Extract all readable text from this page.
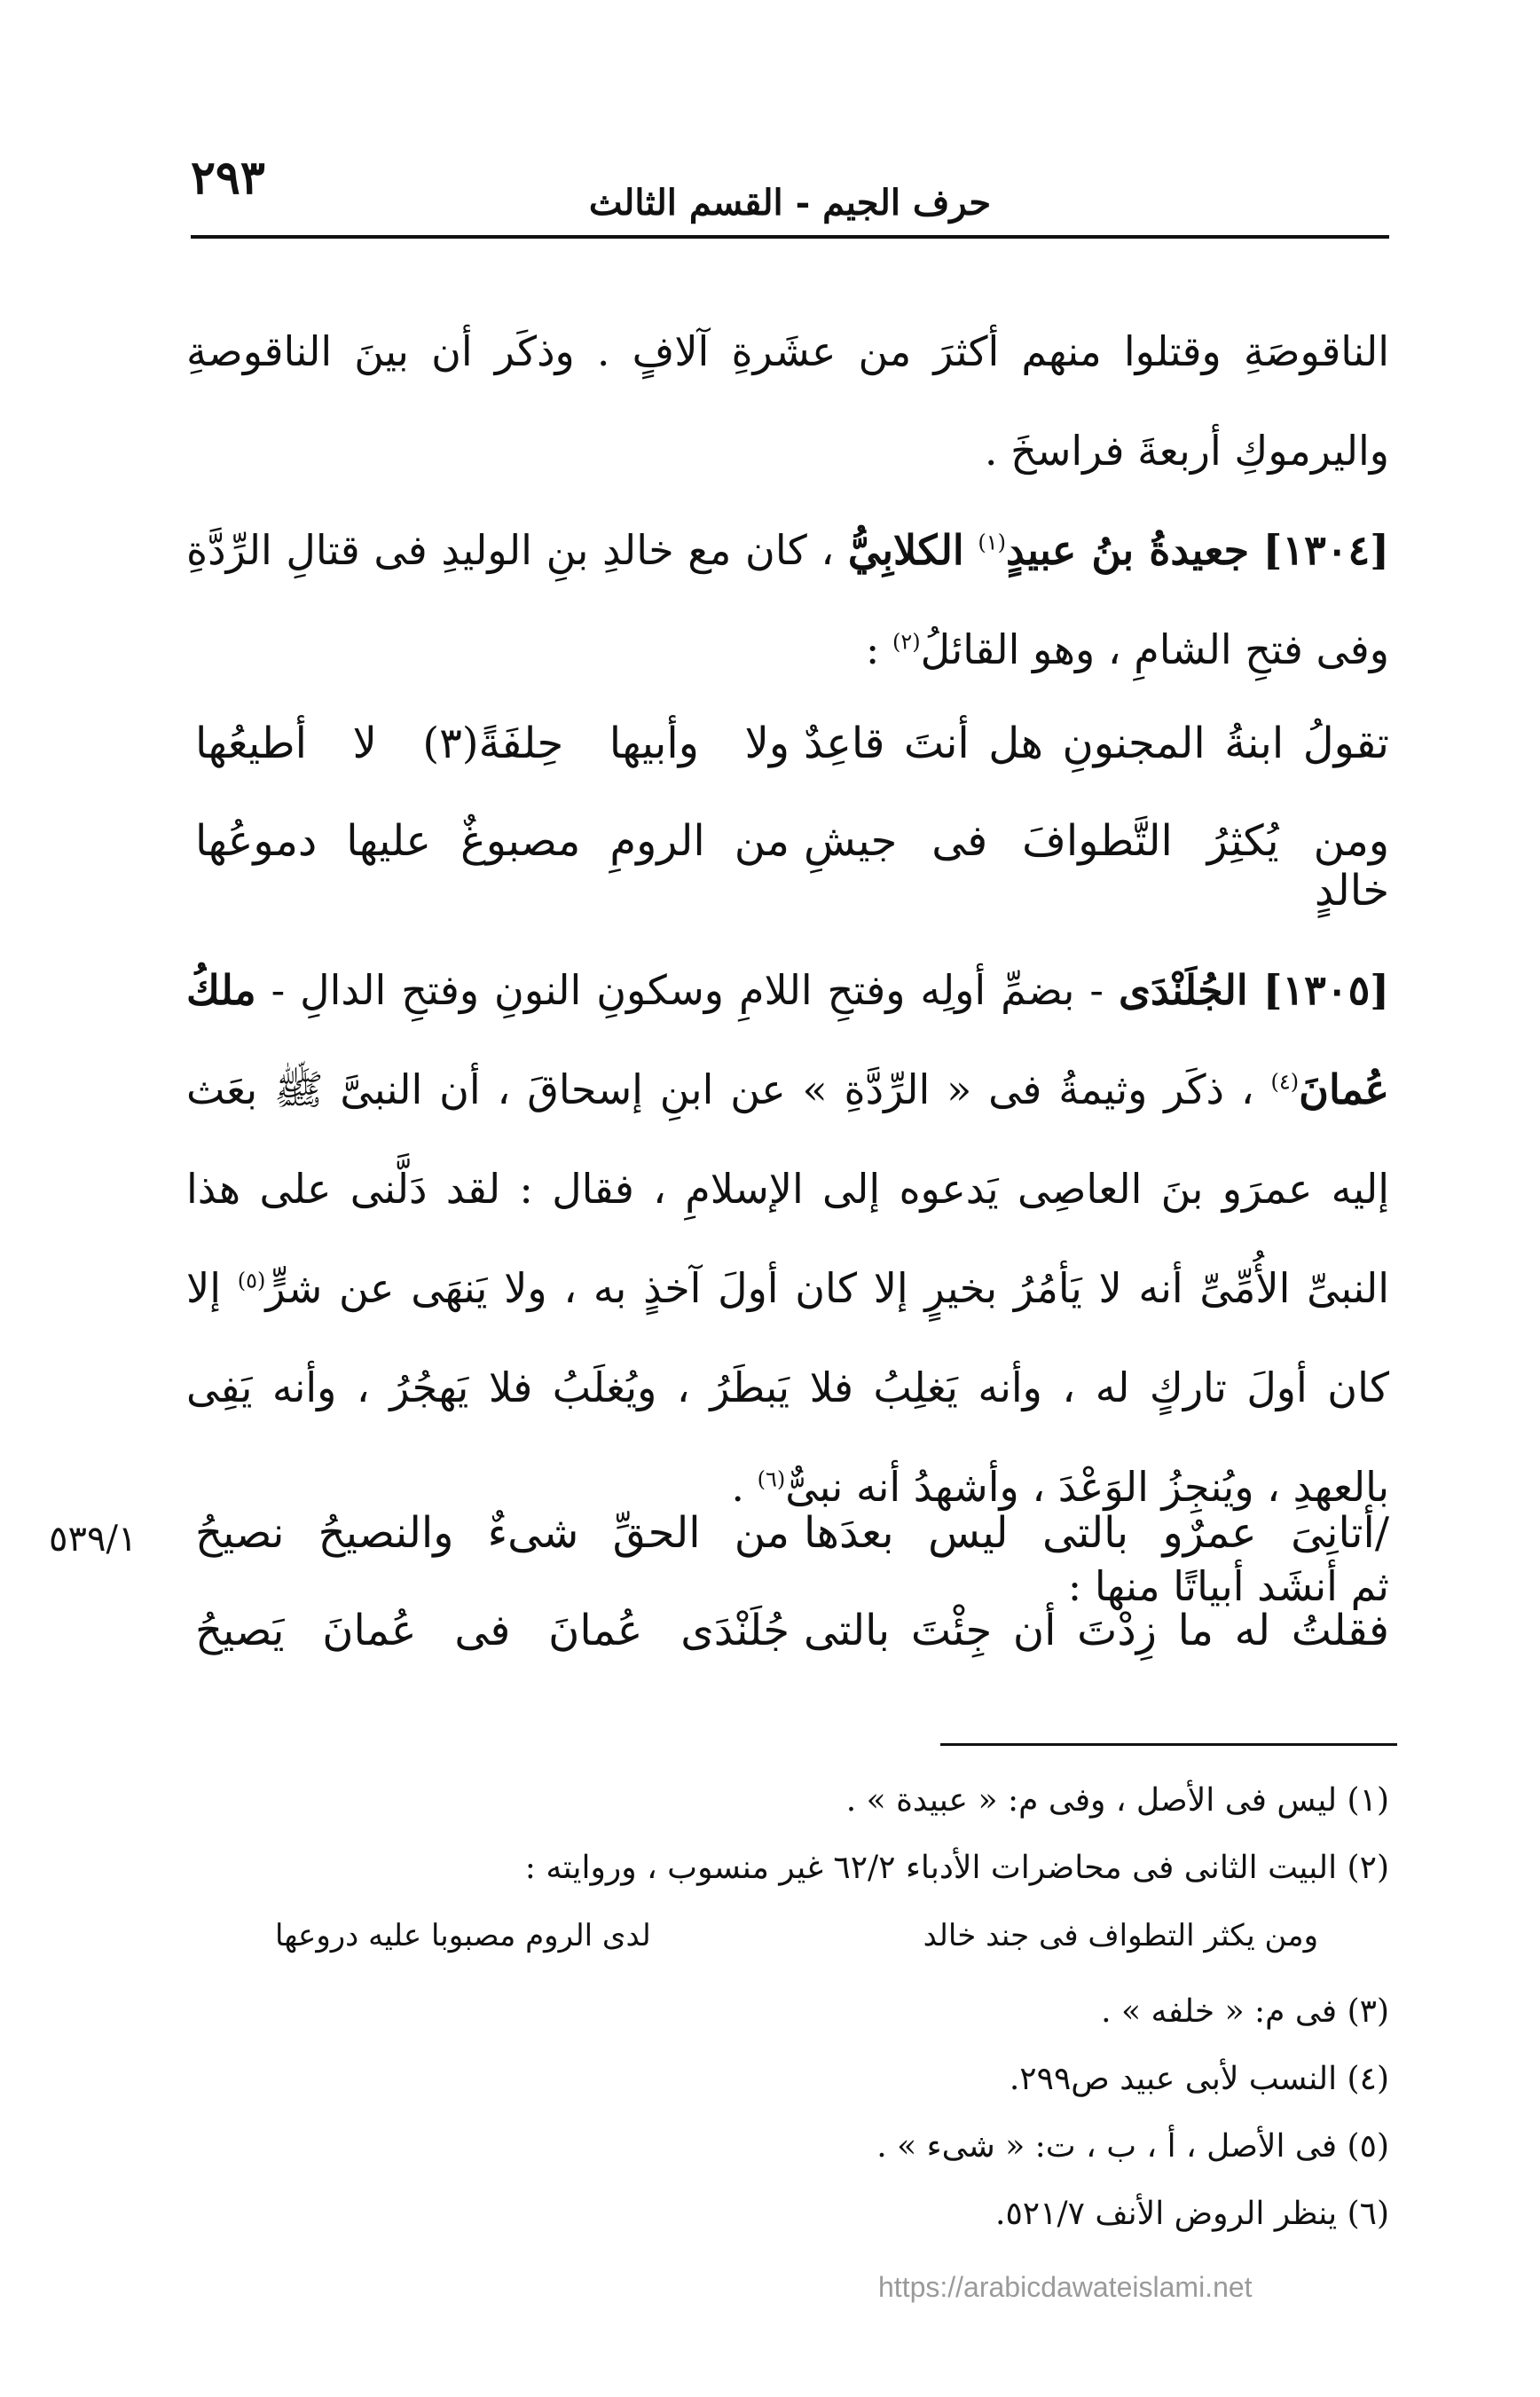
٢٩٣	حرف الجيم - القسم الثالث

الناقوصَةِ وقتلوا منهم أكثرَ من عشَرةِ آلافٍ . وذكَر أن بينَ الناقوصةِ واليرموكِ أربعةَ فراسخَ .

[١٣٠٤] جعيدةُ بنُ عبيدٍ$^{(١)}$ الكلابِيُّ ، كان مع خالدِ بنِ الوليدِ فى قتالِ الرِّدَّةِ وفى فتحِ الشامِ ، وهو القائلُ$^{(٢)}$ :

تقولُ ابنةُ المجنونِ هل أنتَ قاعِدٌ
ولا وأبيها حِلفَةً(٣) لا أطيعُها
ومن يُكثِرُ التَّطوافَ فى جيشِ خالدٍ
من الرومِ مصبوغٌ عليها دموعُها

[١٣٠٥] الجُلَنْدَى - بضمِّ أولِه وفتحِ اللامِ وسكونِ النونِ وفتحِ الدالِ - ملكُ عُمانَ$^{(٤)}$ ، ذكَر وثيمةُ فى « الرِّدَّةِ » عن ابنِ إسحاقَ ، أن النبىَّ ﷺ بعَث إليه عمرَو بنَ العاصِى يَدعوه إلى الإسلامِ ، فقال : لقد دَلَّنى على هذا النبىِّ الأُمِّىِّ أنه لا يَأمُرُ بخيرٍ إلا كان أولَ آخذٍ به ، ولا يَنهَى عن شرٍّ$^{(٥)}$ إلا كان أولَ تاركٍ له ، وأنه يَغلِبُ فلا يَبطَرُ ، ويُغلَبُ فلا يَهجُرُ ، وأنه يَفِى بالعهدِ ، ويُنجِزُ الوَعْدَ ، وأشهدُ أنه نبىٌّ$^{(٦)}$ .

ثم أنشَد أبياتًا منها :

/أتانِىَ عمرٌو بالتى ليس بعدَها
من الحقِّ شىءٌ والنصيحُ نصيحُ
فقلتُ له ما زِدْتَ أن جِئْتَ بالتى
جُلَنْدَى عُمانَ فى عُمانَ يَصيحُ
٥٣٩/١
(١) ليس فى الأصل ، وفى م: « عبيدة » .
(٢) البيت الثانى فى محاضرات الأدباء ٦٢/٢ غير منسوب ، وروايته :
ومن يكثر التطواف فى جند خالد
لدى الروم مصبوبا عليه دروعها
(٣) فى م: « خلفه » .
(٤) النسب لأبى عبيد ص٢٩٩.
(٥) فى الأصل ، أ ، ب ، ت: « شىء » .
(٦) ينظر الروض الأنف ٥٢١/٧.
https://arabicdawateislami.net
